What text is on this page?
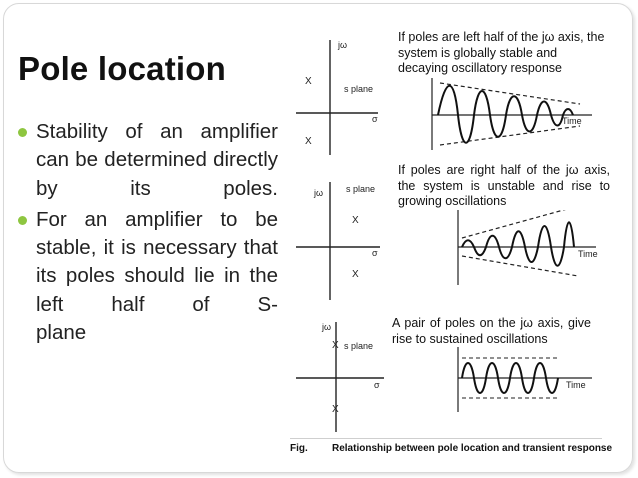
Pole location
Stability of an amplifier can be determined directly
by its poles.
For an amplifier to be stable, it is necessary that its poles should lie in the left half of S-
plane
jω
s plane
σ
X
X
Time
jω	s plane
σ
X
X
Time
jω
s plane
σ
X
X
Time
If poles are left half of the jω axis, the system is globally stable and decaying oscillatory response
If poles are right half of the jω axis, the system is unstable and rise to growing oscillations
A pair of poles on the jω axis, give rise to sustained oscillations
Fig. Relationship between pole location and transient response
